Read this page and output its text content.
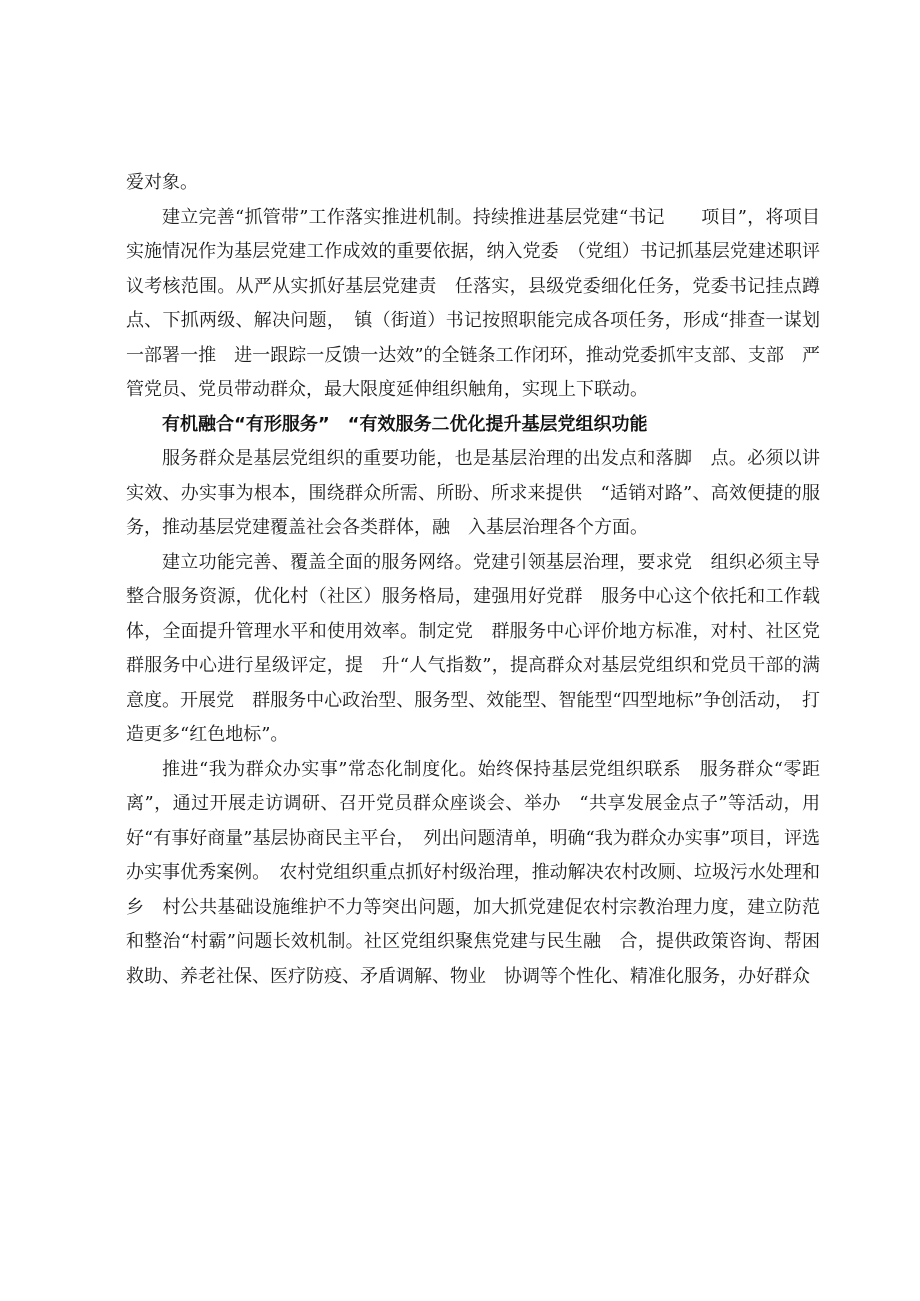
爱对象。

建立完善“抓管带”工作落实推进机制。持续推进基层党建“书记　　项目”，将项目实施情况作为基层党建工作成效的重要依据，纳入党委　（党组）书记抓基层党建述职评议考核范围。从严从实抓好基层党建责　任落实，县级党委细化任务，党委书记挂点蹲点、下抓两级、解决问题，　镇（街道）书记按照职能完成各项任务，形成“排查一谋划一部署一推　进一跟踪一反馈一达效”的全链条工作闭环，推动党委抓牢支部、支部　严管党员、党员带动群众，最大限度延伸组织触角，实现上下联动。

有机融合“有形服务”　“有效服务二优化提升基层党组织功能

服务群众是基层党组织的重要功能，也是基层治理的出发点和落脚　点。必须以讲实效、办实事为根本，围绕群众所需、所盼、所求来提供　“适销对路”、高效便捷的服务，推动基层党建覆盖社会各类群体，融　入基层治理各个方面。

建立功能完善、覆盖全面的服务网络。党建引领基层治理，要求党　组织必须主导整合服务资源，优化村（社区）服务格局，建强用好党群　服务中心这个依托和工作载体，全面提升管理水平和使用效率。制定党　群服务中心评价地方标准，对村、社区党群服务中心进行星级评定，提　升“人气指数”，提高群众对基层党组织和党员干部的满意度。开展党　群服务中心政治型、服务型、效能型、智能型“四型地标”争创活动，　打造更多“红色地标”。

推进“我为群众办实事”常态化制度化。始终保持基层党组织联系　服务群众“零距离”，通过开展走访调研、召开党员群众座谈会、举办　“共享发展金点子”等活动，用好“有事好商量”基层协商民主平台，　列出问题清单，明确“我为群众办实事”项目，评选办实事优秀案例。　农村党组织重点抓好村级治理，推动解决农村改厕、垃圾污水处理和乡　村公共基础设施维护不力等突出问题，加大抓党建促农村宗教治理力度，建立防范和整治“村霸”问题长效机制。社区党组织聚焦党建与民生融　合，提供政策咨询、帮困救助、养老社保、医疗防疫、矛盾调解、物业　协调等个性化、精准化服务，办好群众
